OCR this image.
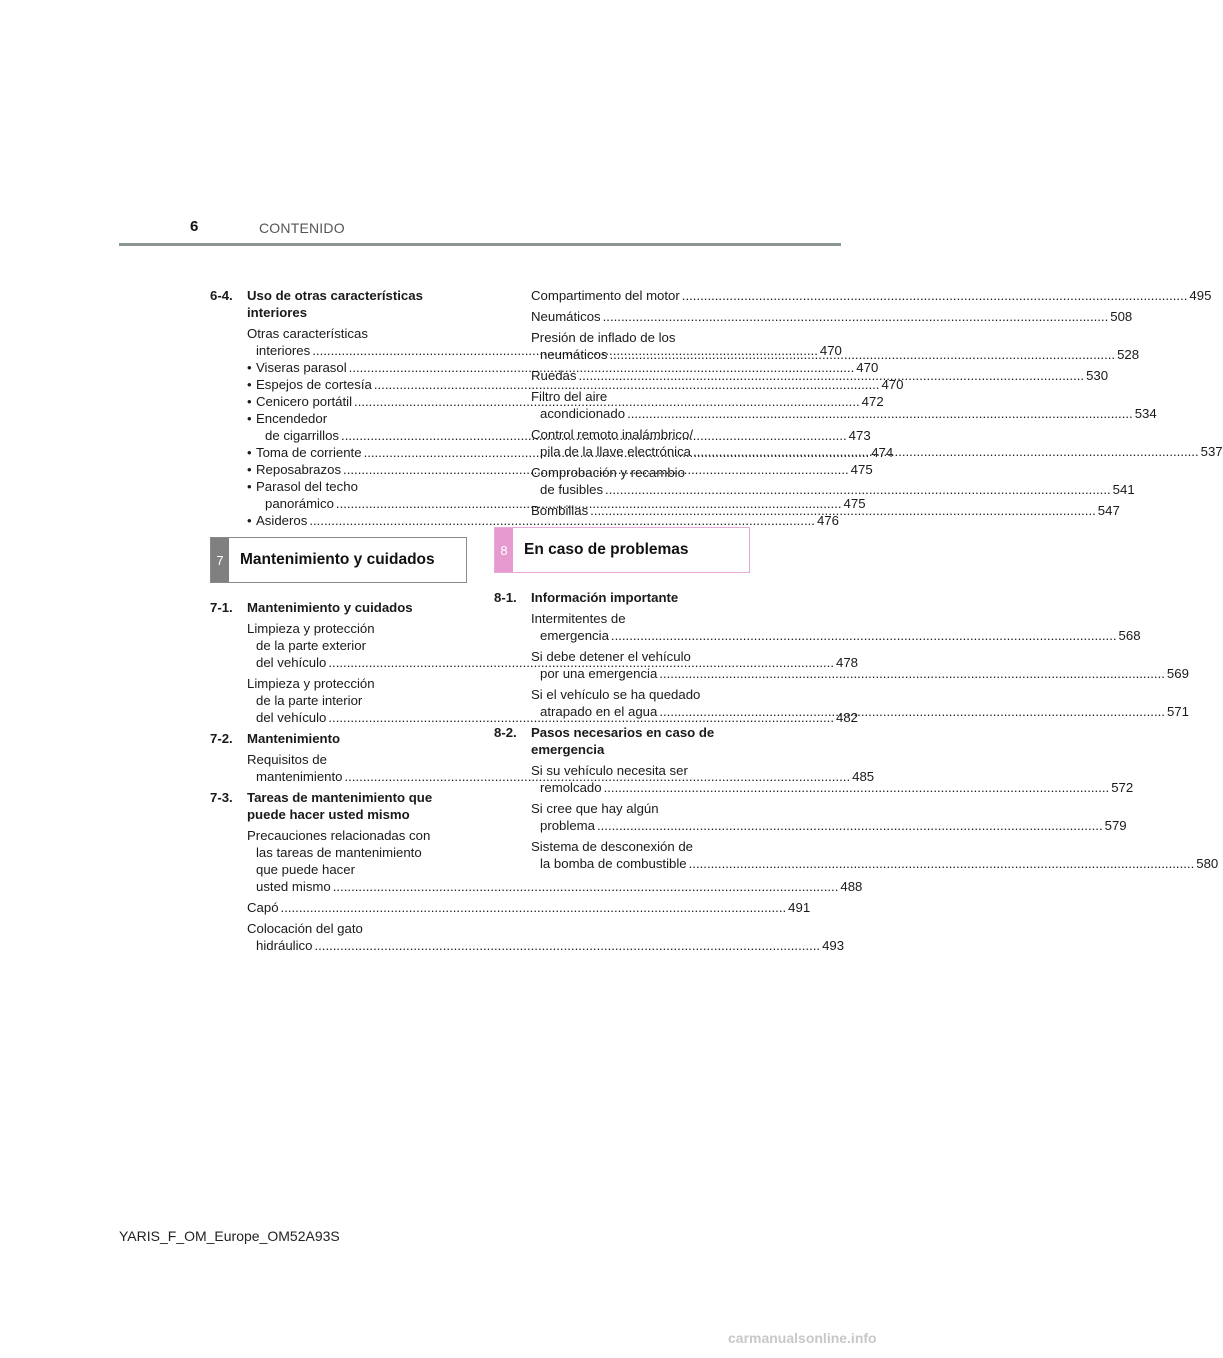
6	CONTENIDO
6-4. Uso de otras características
interiores
Otras características
interiores .....	470
• Viseras parasol .....	470
• Espejos de cortesía .....	470
• Cenicero portátil .....	472
• Encendedor
de cigarrillos .....	473
• Toma de corriente .....	474
• Reposabrazos .....	475
• Parasol del techo
panorámico .....	475
• Asideros .....	476
7	Mantenimiento y cuidados
7-1. Mantenimiento y cuidados
Limpieza y protección
de la parte exterior
del vehículo .....	478
Limpieza y protección
de la parte interior
del vehículo .....	482
7-2. Mantenimiento
Requisitos de
mantenimiento .....	485
7-3. Tareas de mantenimiento que
puede hacer usted mismo
Precauciones relacionadas con
las tareas de mantenimiento
que puede hacer
usted mismo .....	488
Capó .....	491
Colocación del gato
hidráulico .....	493
Compartimento del motor .....	495
Neumáticos .....	508
Presión de inflado de los
neumáticos .....	528
Ruedas .....	530
Filtro del aire
acondicionado .....	534
Control remoto inalámbrico/
pila de la llave electrónica .....	537
Comprobación y recambio
de fusibles .....	541
Bombillas .....	547
8	En caso de problemas
8-1. Información importante
Intermitentes de
emergencia .....	568
Si debe detener el vehículo
por una emergencia .....	569
Si el vehículo se ha quedado
atrapado en el agua .....	571
8-2. Pasos necesarios en caso de
emergencia
Si su vehículo necesita ser
remolcado .....	572
Si cree que hay algún
problema .....	579
Sistema de desconexión de
la bomba de combustible .....	580
YARIS_F_OM_Europe_OM52A93S
carmanualsonline.info
